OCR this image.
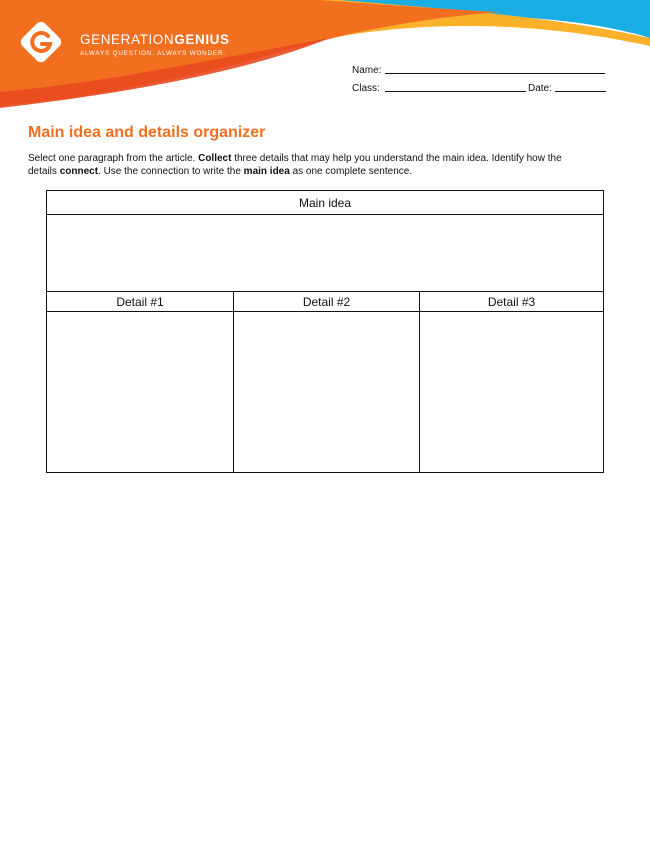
GENERATIONGENIUS
ALWAYS QUESTION. ALWAYS WONDER.
Name:
Class:	Date:
Main idea and details organizer

Select one paragraph from the article. Collect three details that may help you understand the main idea. Identify how the details connect. Use the connection to write the main idea as one complete sentence.

Main idea
Detail #1	Detail #2	Detail #3
